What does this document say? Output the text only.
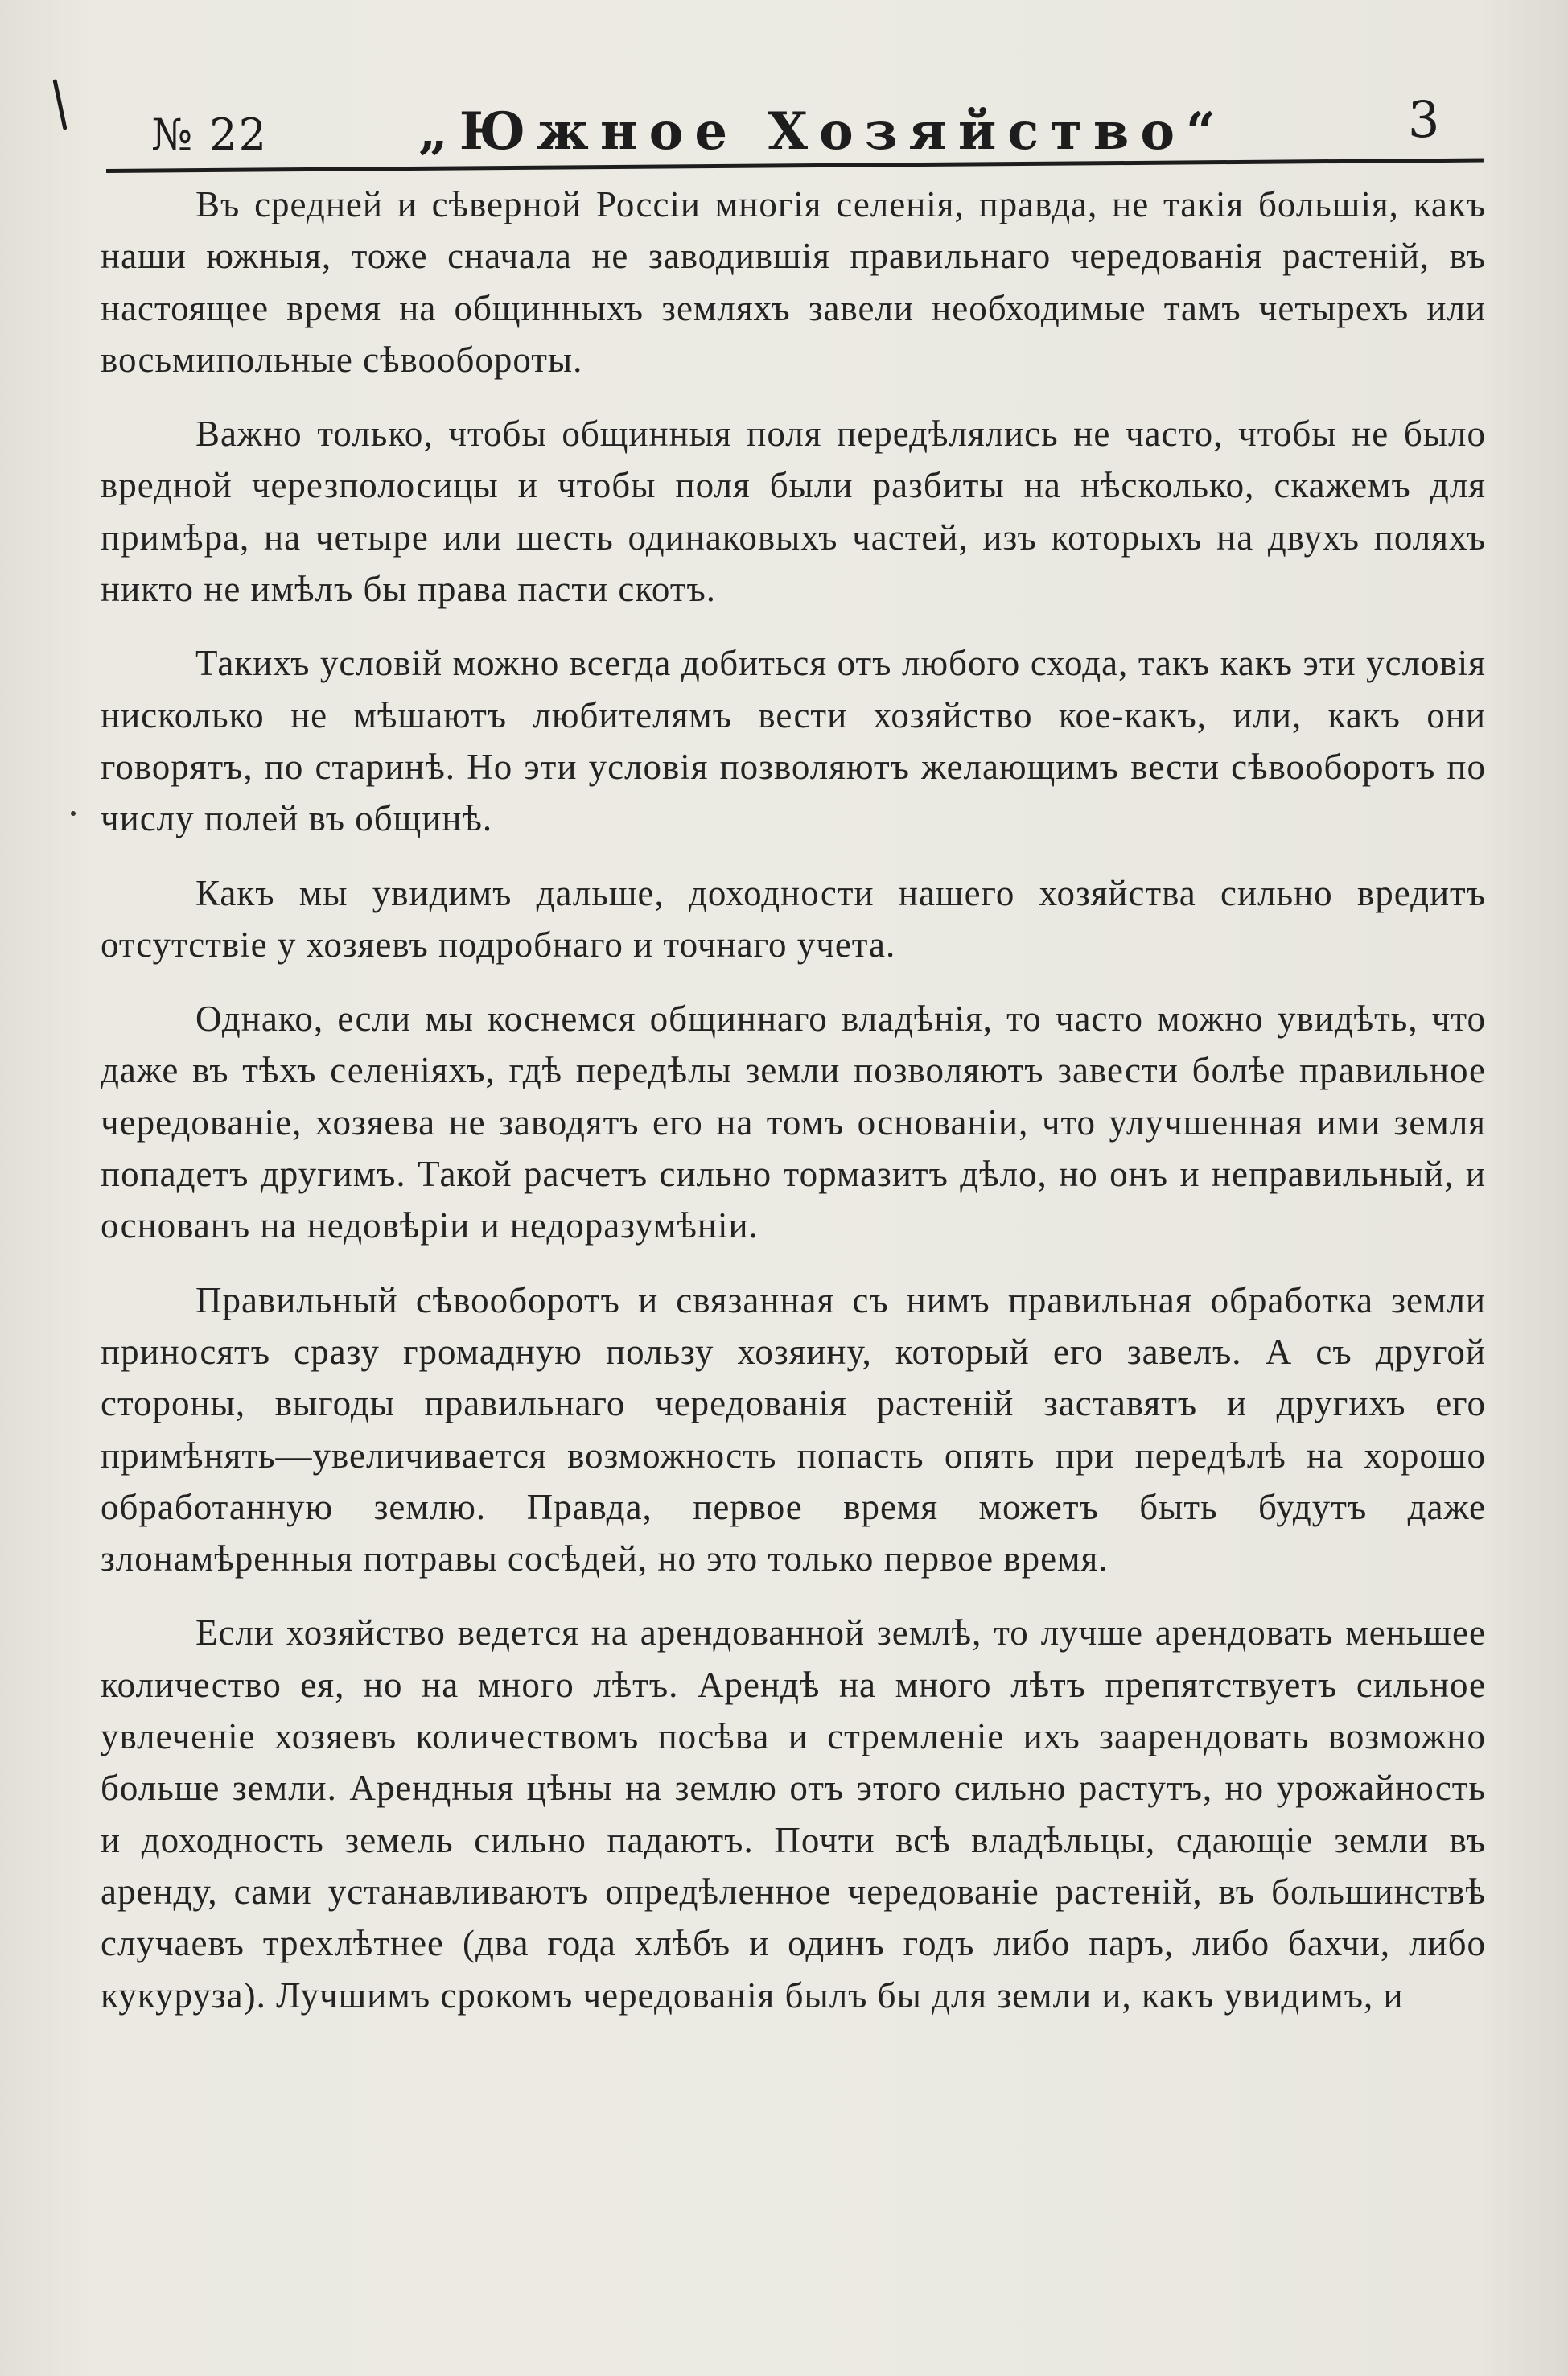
№ 22	„Южное Хозяйство“	3

Въ средней и сѣверной Россіи многія селенія, правда, не такія большія, какъ наши южныя, тоже сначала не заводившія правильнаго чередованія растеній, въ настоящее время на общинныхъ земляхъ завели необходимые тамъ четырехъ или восьмипольные сѣвообороты.

Важно только, чтобы общинныя поля передѣлялись не часто, чтобы не было вредной черезполосицы и чтобы поля были разбиты на нѣсколько, скажемъ для примѣра, на четыре или шесть одинаковыхъ частей, изъ которыхъ на двухъ поляхъ никто не имѣлъ бы права пасти скотъ.

Такихъ условій можно всегда добиться отъ любого схода, такъ какъ эти условія нисколько не мѣшаютъ любителямъ вести хозяйство кое-какъ, или, какъ они говорятъ, по старинѣ. Но эти условія позволяютъ желающимъ вести сѣвооборотъ по числу полей въ общинѣ.

Какъ мы увидимъ дальше, доходности нашего хозяйства сильно вредитъ отсутствіе у хозяевъ подробнаго и точнаго учета.

Однако, если мы коснемся общиннаго владѣнія, то часто можно увидѣть, что даже въ тѣхъ селеніяхъ, гдѣ передѣлы земли позволяютъ завести болѣе правильное чередованіе, хозяева не заводятъ его на томъ основаніи, что улучшенная ими земля попадетъ другимъ. Такой расчетъ сильно тормазитъ дѣло, но онъ и неправильный, и основанъ на недовѣріи и недоразумѣніи.

Правильный сѣвооборотъ и связанная съ нимъ правильная обработка земли приносятъ сразу громадную пользу хозяину, который его завелъ. А съ другой стороны, выгоды правильнаго чередованія растеній заставятъ и другихъ его примѣнять—увеличивается возможность попасть опять при передѣлѣ на хорошо обработанную землю. Правда, первое время можетъ быть будутъ даже злонамѣренныя потравы сосѣдей, но это только первое время.

Если хозяйство ведется на арендованной землѣ, то лучше арендовать меньшее количество ея, но на много лѣтъ. Арендѣ на много лѣтъ препятствуетъ сильное увлеченіе хозяевъ количествомъ посѣва и стремленіе ихъ заарендовать возможно больше земли. Арендныя цѣны на землю отъ этого сильно растутъ, но урожайность и доходность земель сильно падаютъ. Почти всѣ владѣльцы, сдающіе земли въ аренду, сами устанавливаютъ опредѣленное чередованіе растеній, въ большинствѣ случаевъ трехлѣтнее (два года хлѣбъ и одинъ годъ либо паръ, либо бахчи, либо кукуруза). Лучшимъ срокомъ чередованія былъ бы для земли и, какъ увидимъ, и
